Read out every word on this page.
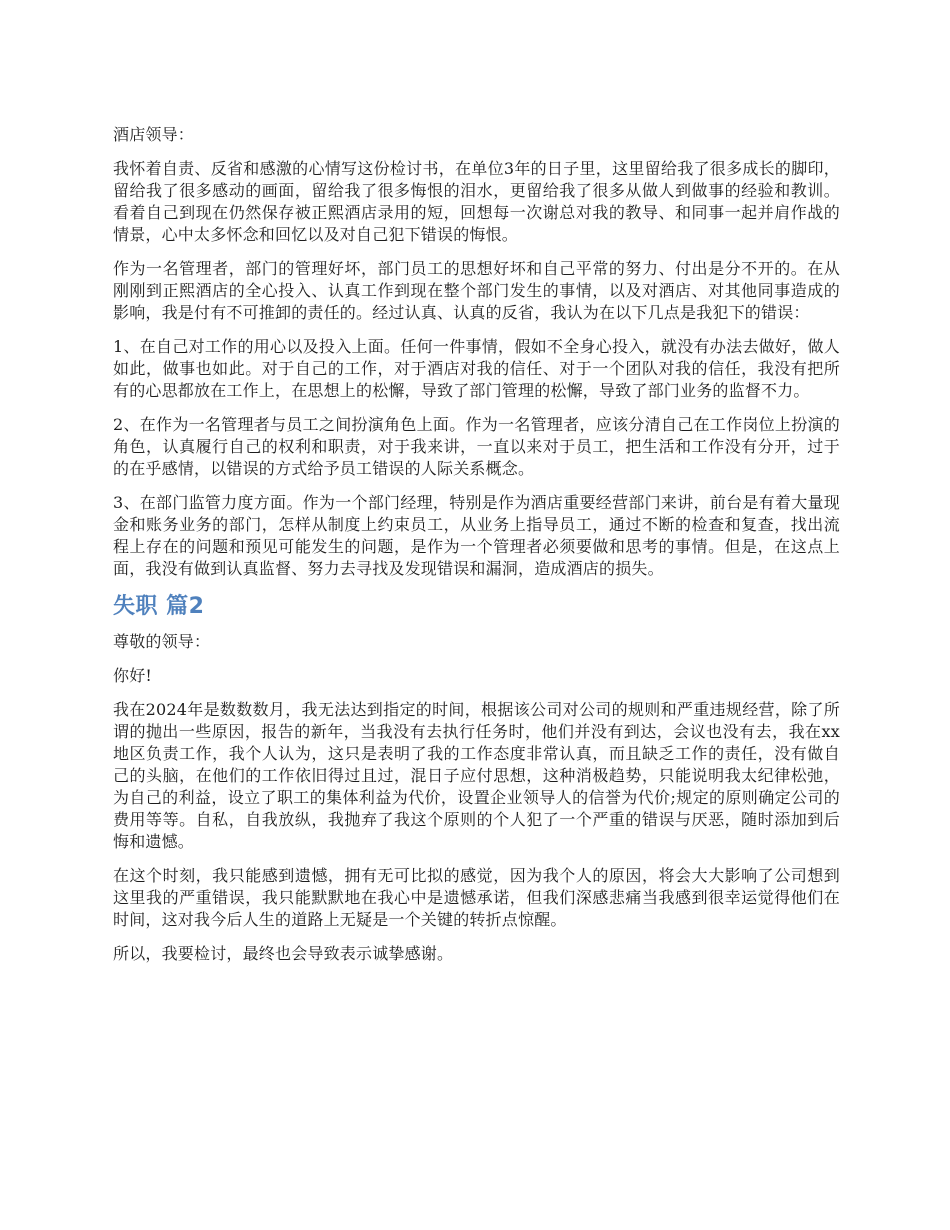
酒店领导：

我怀着自责、反省和感激的心情写这份检讨书，在单位3年的日子里，这里留给我了很多成长的脚印，留给我了很多感动的画面，留给我了很多悔恨的泪水，更留给我了很多从做人到做事的经验和教训。看着自己到现在仍然保存被正熙酒店录用的短，回想每一次谢总对我的教导、和同事一起并肩作战的情景，心中太多怀念和回忆以及对自己犯下错误的悔恨。

作为一名管理者，部门的管理好坏，部门员工的思想好坏和自己平常的努力、付出是分不开的。在从刚刚到正熙酒店的全心投入、认真工作到现在整个部门发生的事情，以及对酒店、对其他同事造成的影响，我是付有不可推卸的责任的。经过认真、认真的反省，我认为在以下几点是我犯下的错误：

1、在自己对工作的用心以及投入上面。任何一件事情，假如不全身心投入，就没有办法去做好，做人如此，做事也如此。对于自己的工作，对于酒店对我的信任、对于一个团队对我的信任，我没有把所有的心思都放在工作上，在思想上的松懈，导致了部门管理的松懈，导致了部门业务的监督不力。

2、在作为一名管理者与员工之间扮演角色上面。作为一名管理者，应该分清自己在工作岗位上扮演的角色，认真履行自己的权利和职责，对于我来讲，一直以来对于员工，把生活和工作没有分开，过于的在乎感情，以错误的方式给予员工错误的人际关系概念。

3、在部门监管力度方面。作为一个部门经理，特别是作为酒店重要经营部门来讲，前台是有着大量现金和账务业务的部门，怎样从制度上约束员工，从业务上指导员工，通过不断的检查和复查，找出流程上存在的问题和预见可能发生的问题，是作为一个管理者必须要做和思考的事情。但是，在这点上面，我没有做到认真监督、努力去寻找及发现错误和漏洞，造成酒店的损失。

失职 篇2

尊敬的领导：

你好!

我在2024年是数数数月，我无法达到指定的时间，根据该公司对公司的规则和严重违规经营，除了所谓的抛出一些原因，报告的新年，当我没有去执行任务时，他们并没有到达，会议也没有去，我在xx地区负责工作，我个人认为，这只是表明了我的工作态度非常认真，而且缺乏工作的责任，没有做自己的头脑，在他们的工作依旧得过且过，混日子应付思想，这种消极趋势，只能说明我太纪律松弛，为自己的利益，设立了职工的集体利益为代价，设置企业领导人的信誉为代价;规定的原则确定公司的费用等等。自私，自我放纵，我抛弃了我这个原则的个人犯了一个严重的错误与厌恶，随时添加到后悔和遗憾。

在这个时刻，我只能感到遗憾，拥有无可比拟的感觉，因为我个人的原因，将会大大影响了公司想到这里我的严重错误，我只能默默地在我心中是遗憾承诺，但我们深感悲痛当我感到很幸运觉得他们在时间，这对我今后人生的道路上无疑是一个关键的转折点惊醒。

所以，我要检讨，最终也会导致表示诚挚感谢。
